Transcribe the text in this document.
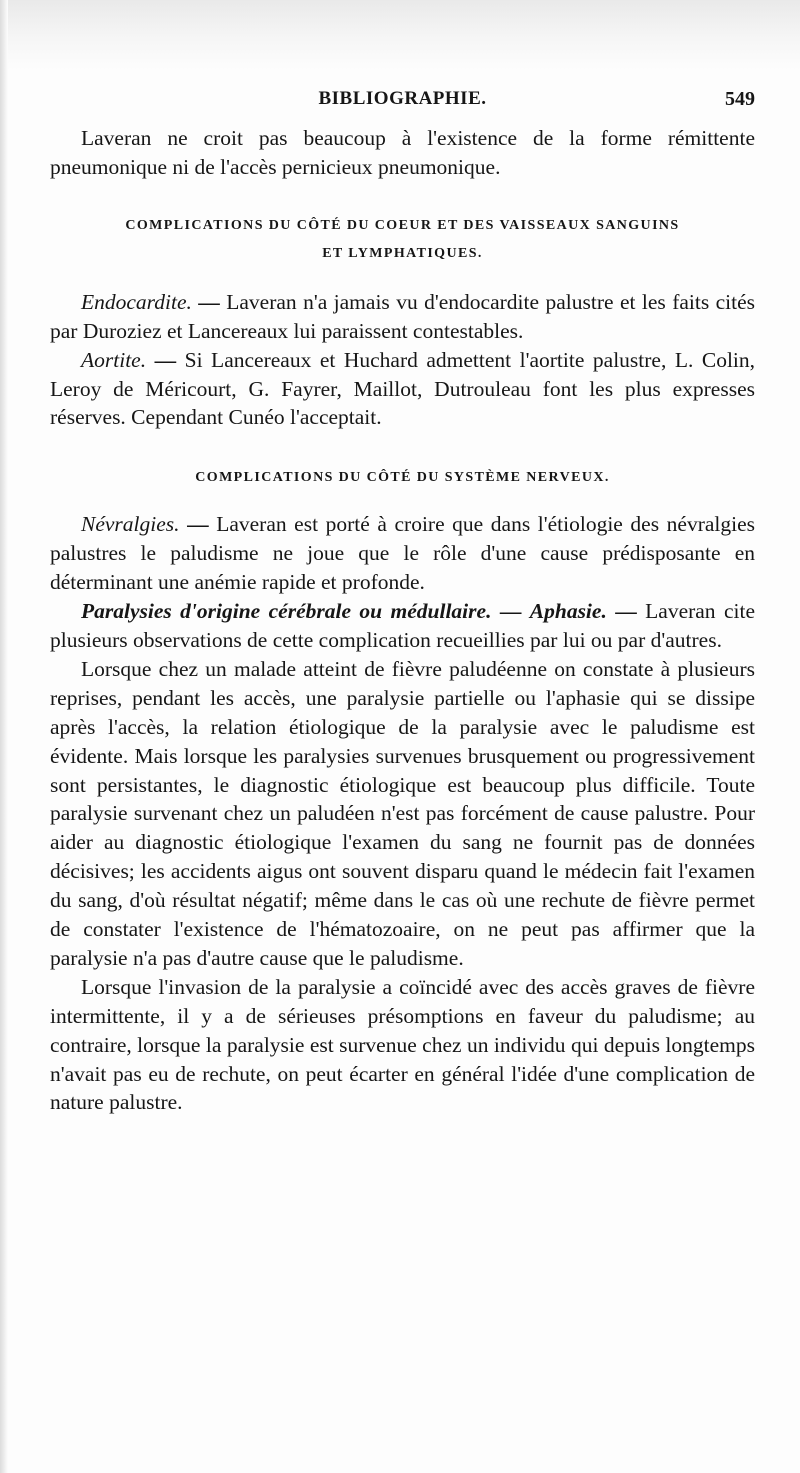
BIBLIOGRAPHIE.	549

Laveran ne croit pas beaucoup à l'existence de la forme rémittente pneumonique ni de l'accès pernicieux pneumonique.

COMPLICATIONS DU CÔTÉ DU COEUR ET DES VAISSEAUX SANGUINS
ET LYMPHATIQUES.

Endocardite. — Laveran n'a jamais vu d'endocardite palustre et les faits cités par Duroziez et Lancereaux lui paraissent contestables.

Aortite. — Si Lancereaux et Huchard admettent l'aortite palustre, L. Colin, Leroy de Méricourt, G. Fayrer, Maillot, Dutrouleau font les plus expresses réserves. Cependant Cunéo l'acceptait.

COMPLICATIONS DU CÔTÉ DU SYSTÈME NERVEUX.

Névralgies. — Laveran est porté à croire que dans l'étiologie des névralgies palustres le paludisme ne joue que le rôle d'une cause prédisposante en déterminant une anémie rapide et profonde.

Paralysies d'origine cérébrale ou médullaire. — Aphasie. — Laveran cite plusieurs observations de cette complication recueillies par lui ou par d'autres.

Lorsque chez un malade atteint de fièvre paludéenne on constate à plusieurs reprises, pendant les accès, une paralysie partielle ou l'aphasie qui se dissipe après l'accès, la relation étiologique de la paralysie avec le paludisme est évidente. Mais lorsque les paralysies survenues brusquement ou progressivement sont persistantes, le diagnostic étiologique est beaucoup plus difficile. Toute paralysie survenant chez un paludéen n'est pas forcément de cause palustre. Pour aider au diagnostic étiologique l'examen du sang ne fournit pas de données décisives; les accidents aigus ont souvent disparu quand le médecin fait l'examen du sang, d'où résultat négatif; même dans le cas où une rechute de fièvre permet de constater l'existence de l'hématozoaire, on ne peut pas affirmer que la paralysie n'a pas d'autre cause que le paludisme.

Lorsque l'invasion de la paralysie a coïncidé avec des accès graves de fièvre intermittente, il y a de sérieuses présomptions en faveur du paludisme; au contraire, lorsque la paralysie est survenue chez un individu qui depuis longtemps n'avait pas eu de rechute, on peut écarter en général l'idée d'une complication de nature palustre.
